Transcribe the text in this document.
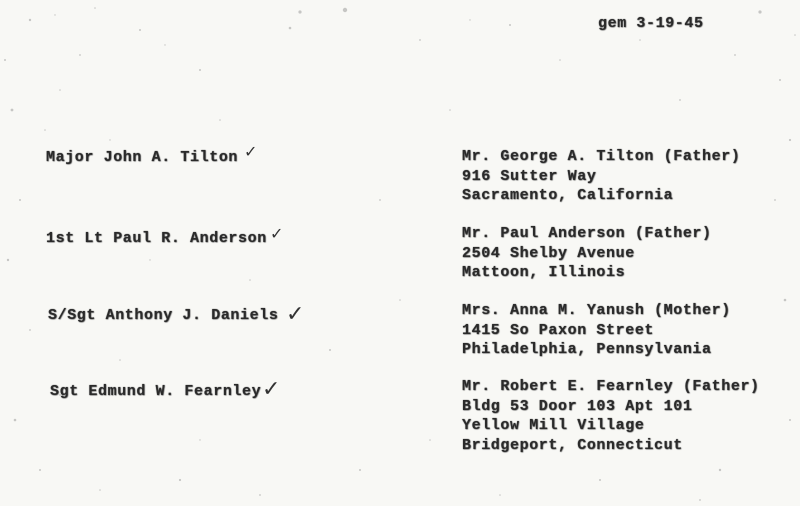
gem 3-19-45
Major John A. Tilton ✓	Mr. George A. Tilton (Father)
916 Sutter Way
Sacramento, California
1st Lt Paul R. Anderson ✓	Mr. Paul Anderson (Father)
2504 Shelby Avenue
Mattoon, Illinois
S/Sgt Anthony J. Daniels ✓	Mrs. Anna M. Yanush (Mother)
1415 So Paxon Street
Philadelphia, Pennsylvania
Sgt Edmund W. Fearnley ✓	Mr. Robert E. Fearnley (Father)
Bldg 53 Door 103 Apt 101
Yellow Mill Village
Bridgeport, Connecticut
